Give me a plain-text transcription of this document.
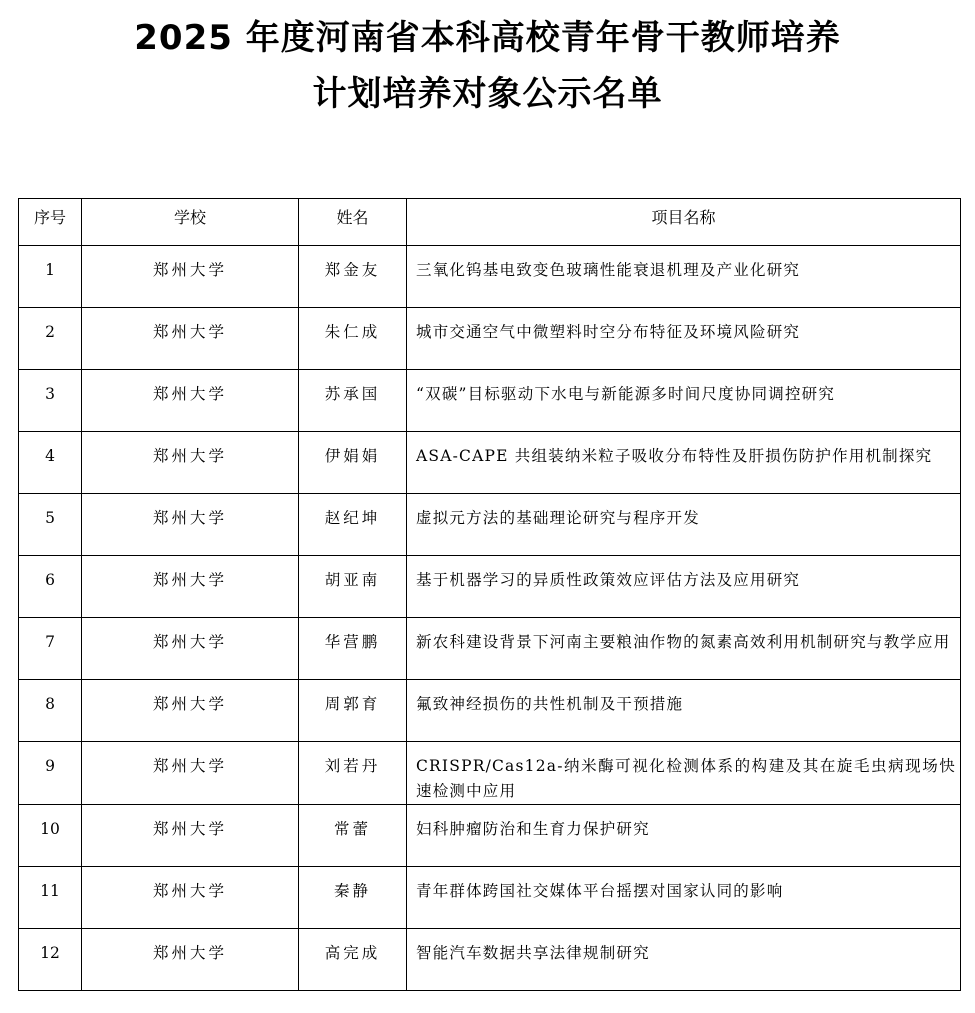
2025 年度河南省本科高校青年骨干教师培养
计划培养对象公示名单
序号	学校	姓名	项目名称

1	郑州大学	郑金友	三氧化钨基电致变色玻璃性能衰退机理及产业化研究

2	郑州大学	朱仁成	城市交通空气中微塑料时空分布特征及环境风险研究

3	郑州大学	苏承国	“双碳”目标驱动下水电与新能源多时间尺度协同调控研究

4	郑州大学	伊娟娟	ASA-CAPE 共组装纳米粒子吸收分布特性及肝损伤防护作用机制探究

5	郑州大学	赵纪坤	虚拟元方法的基础理论研究与程序开发

6	郑州大学	胡亚南	基于机器学习的异质性政策效应评估方法及应用研究

7	郑州大学	华营鹏	新农科建设背景下河南主要粮油作物的氮素高效利用机制研究与教学应用

8	郑州大学	周郭育	氟致神经损伤的共性机制及干预措施

9	郑州大学	刘若丹	CRISPR/Cas12a-纳米酶可视化检测体系的构建及其在旋毛虫病现场快速检测中应用

10	郑州大学	常蕾	妇科肿瘤防治和生育力保护研究

11	郑州大学	秦静	青年群体跨国社交媒体平台摇摆对国家认同的影响

12	郑州大学	高完成	智能汽车数据共享法律规制研究
